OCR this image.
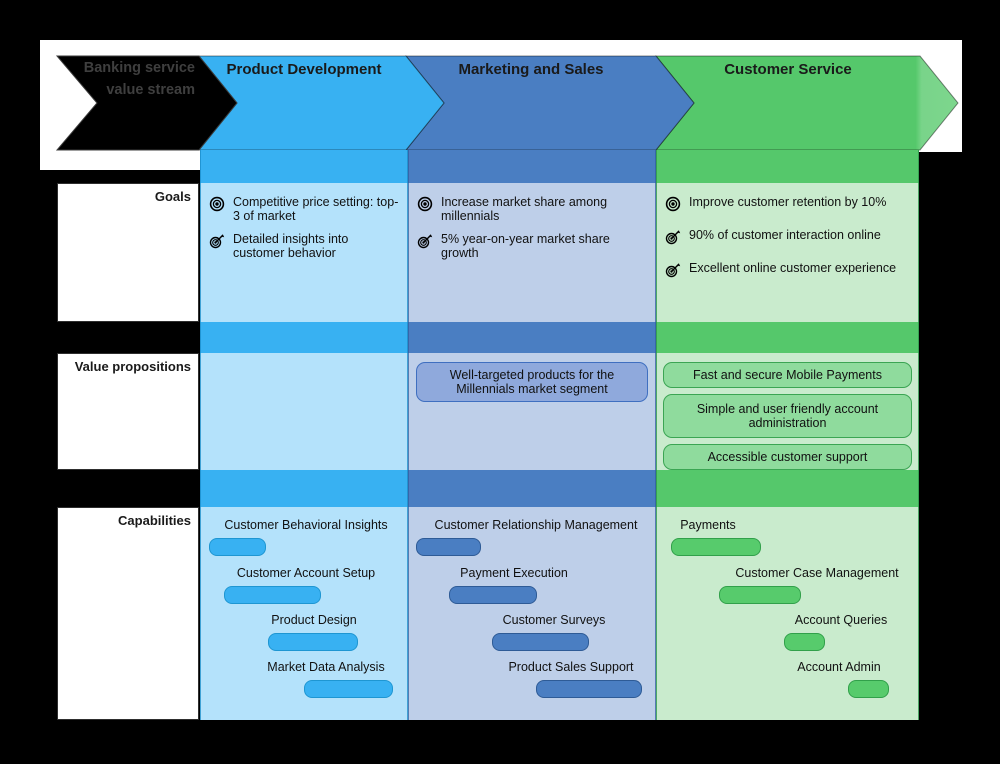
Banking service value stream
Product Development	Marketing and Sales	Customer Service
Goals
Value propositions
Capabilities
Competitive price setting: top-3 of market
Detailed insights into customer behavior
Customer Behavioral Insights
Customer Account Setup
Product Design
Market Data Analysis
Increase market share among millennials
5% year-on-year market share growth
Well-targeted products for the Millennials market segment
Customer Relationship Management
Payment Execution
Customer Surveys
Product Sales Support
Improve customer retention by 10%
90% of customer interaction online
Excellent online customer experience
Fast and secure Mobile Payments
Simple and user friendly account administration
Accessible customer support
Payments
Customer Case Management
Account Queries
Account Admin
